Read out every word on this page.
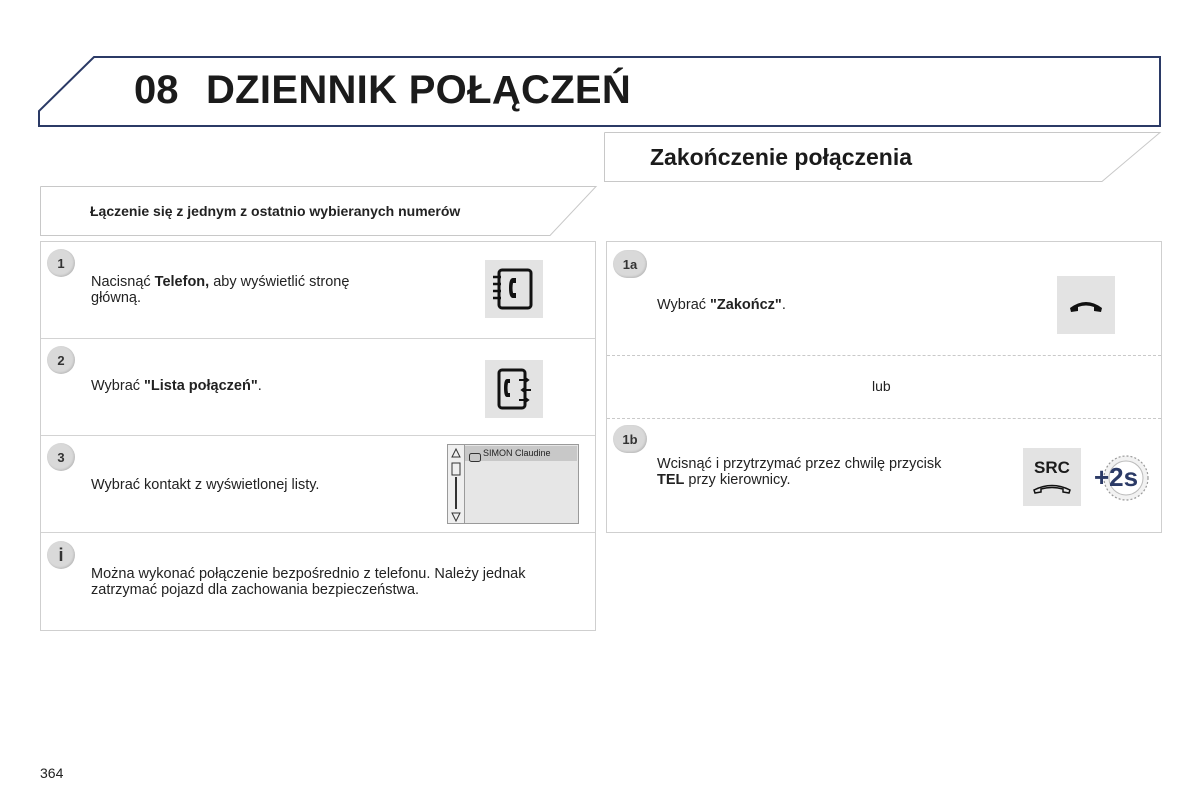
08 DZIENNIK POŁĄCZEŃ
Łączenie się z jednym z ostatnio wybieranych numerów
Zakończenie połączenia
1
Nacisnąć Telefon, aby wyświetlić stronę
główną.
2
Wybrać "Lista połączeń".
3
Wybrać kontakt z wyświetlonej listy.
SIMON Claudine
i
Można wykonać połączenie bezpośrednio z telefonu. Należy jednak
zatrzymać pojazd dla zachowania bezpieczeństwa.
1a
Wybrać "Zakończ".
lub
1b
Wcisnąć i przytrzymać przez chwilę przycisk
TEL przy kierownicy.
SRC +2s
364
